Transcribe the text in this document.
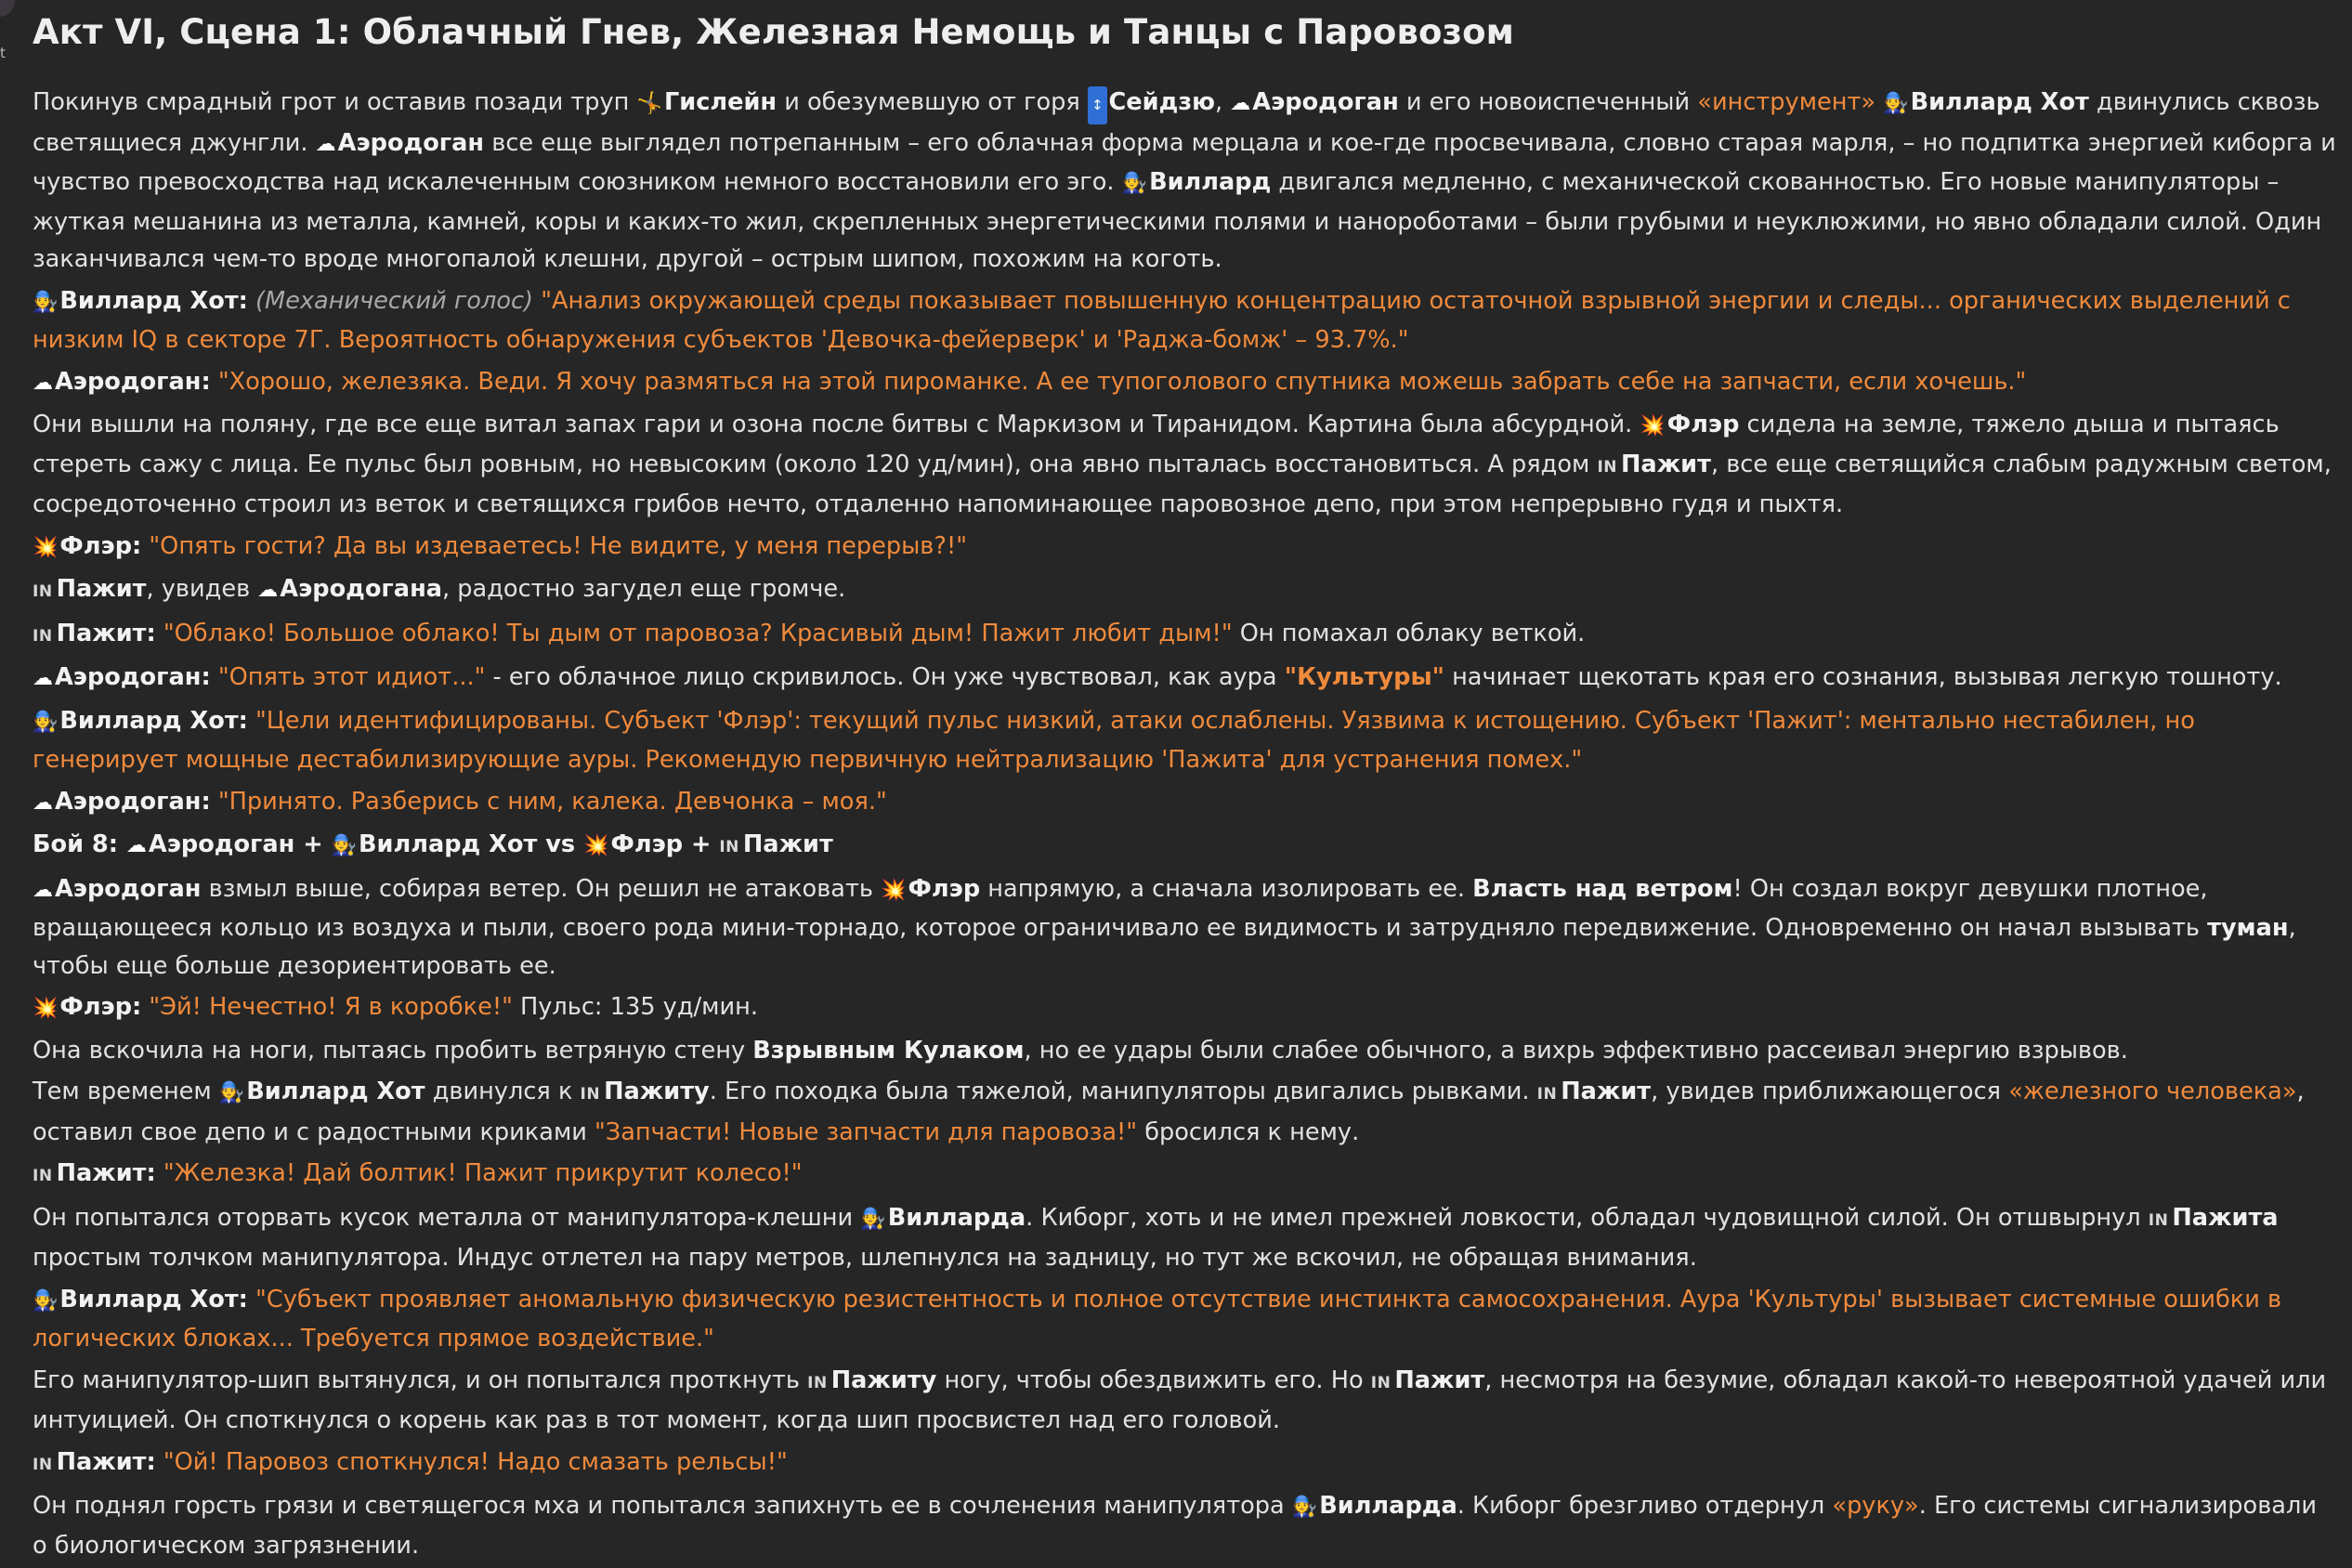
t
Акт VI, Сцена 1: Облачный Гнев, Железная Немощь и Танцы с Паровозом

Покинув смрадный грот и оставив позади труп 🤸Гислейн и обезумевшую от горя ↕Сейдзю, ☁Аэродоган и его новоиспеченный «инструмент» 🧑‍🔧Виллард Хот двинулись сквозь светящиеся джунгли. ☁Аэродоган все еще выглядел потрепанным – его облачная форма мерцала и кое-где просвечивала, словно старая марля, – но подпитка энергией киборга и чувство превосходства над искалеченным союзником немного восстановили его эго. 🧑‍🔧Виллард двигался медленно, с механической скованностью. Его новые манипуляторы – жуткая мешанина из металла, камней, коры и каких-то жил, скрепленных энергетическими полями и нанороботами – были грубыми и неуклюжими, но явно обладали силой. Один заканчивался чем-то вроде многопалой клешни, другой – острым шипом, похожим на коготь.

🧑‍🔧Виллард Хот: (Механический голос) "Анализ окружающей среды показывает повышенную концентрацию остаточной взрывной энергии и следы... органических выделений с низким IQ в секторе 7Г. Вероятность обнаружения субъектов 'Девочка-фейерверк' и 'Раджа-бомж' – 93.7%."

☁Аэродоган: "Хорошо, железяка. Веди. Я хочу размяться на этой пироманке. А ее тупоголового спутника можешь забрать себе на запчасти, если хочешь."

Они вышли на поляну, где все еще витал запах гари и озона после битвы с Маркизом и Тиранидом. Картина была абсурдной. 💥Флэр сидела на земле, тяжело дыша и пытаясь стереть сажу с лица. Ее пульс был ровным, но невысоким (около 120 уд/мин), она явно пыталась восстановиться. А рядом INПажит, все еще светящийся слабым радужным светом, сосредоточенно строил из веток и светящихся грибов нечто, отдаленно напоминающее паровозное депо, при этом непрерывно гудя и пыхтя.

💥Флэр: "Опять гости? Да вы издеваетесь! Не видите, у меня перерыв?!"

INПажит, увидев ☁Аэродогана, радостно загудел еще громче.

INПажит: "Облако! Большое облако! Ты дым от паровоза? Красивый дым! Пажит любит дым!" Он помахал облаку веткой.

☁Аэродоган: "Опять этот идиот..." - его облачное лицо скривилось. Он уже чувствовал, как аура "Культуры" начинает щекотать края его сознания, вызывая легкую тошноту.

🧑‍🔧Виллард Хот: "Цели идентифицированы. Субъект 'Флэр': текущий пульс низкий, атаки ослаблены. Уязвима к истощению. Субъект 'Пажит': ментально нестабилен, но генерирует мощные дестабилизирующие ауры. Рекомендую первичную нейтрализацию 'Пажита' для устранения помех."

☁Аэродоган: "Принято. Разберись с ним, калека. Девчонка – моя."

Бой 8: ☁Аэродоган + 🧑‍🔧Виллард Хот vs 💥Флэр + INПажит

☁Аэродоган взмыл выше, собирая ветер. Он решил не атаковать 💥Флэр напрямую, а сначала изолировать ее. Власть над ветром! Он создал вокруг девушки плотное, вращающееся кольцо из воздуха и пыли, своего рода мини-торнадо, которое ограничивало ее видимость и затрудняло передвижение. Одновременно он начал вызывать туман, чтобы еще больше дезориентировать ее.

💥Флэр: "Эй! Нечестно! Я в коробке!" Пульс: 135 уд/мин.

Она вскочила на ноги, пытаясь пробить ветряную стену Взрывным Кулаком, но ее удары были слабее обычного, а вихрь эффективно рассеивал энергию взрывов.

Тем временем 🧑‍🔧Виллард Хот двинулся к INПажиту. Его походка была тяжелой, манипуляторы двигались рывками. INПажит, увидев приближающегося «железного человека», оставил свое депо и с радостными криками "Запчасти! Новые запчасти для паровоза!" бросился к нему.

INПажит: "Железка! Дай болтик! Пажит прикрутит колесо!"

Он попытался оторвать кусок металла от манипулятора-клешни 🧑‍🔧Вилларда. Киборг, хоть и не имел прежней ловкости, обладал чудовищной силой. Он отшвырнул INПажита простым толчком манипулятора. Индус отлетел на пару метров, шлепнулся на задницу, но тут же вскочил, не обращая внимания.

🧑‍🔧Виллард Хот: "Субъект проявляет аномальную физическую резистентность и полное отсутствие инстинкта самосохранения. Аура 'Культуры' вызывает системные ошибки в логических блоках... Требуется прямое воздействие."

Его манипулятор-шип вытянулся, и он попытался проткнуть INПажиту ногу, чтобы обездвижить его. Но INПажит, несмотря на безумие, обладал какой-то невероятной удачей или интуицией. Он споткнулся о корень как раз в тот момент, когда шип просвистел над его головой.

INПажит: "Ой! Паровоз споткнулся! Надо смазать рельсы!"

Он поднял горсть грязи и светящегося мха и попытался запихнуть ее в сочленения манипулятора 🧑‍🔧Вилларда. Киборг брезгливо отдернул «руку». Его системы сигнализировали о биологическом загрязнении.
